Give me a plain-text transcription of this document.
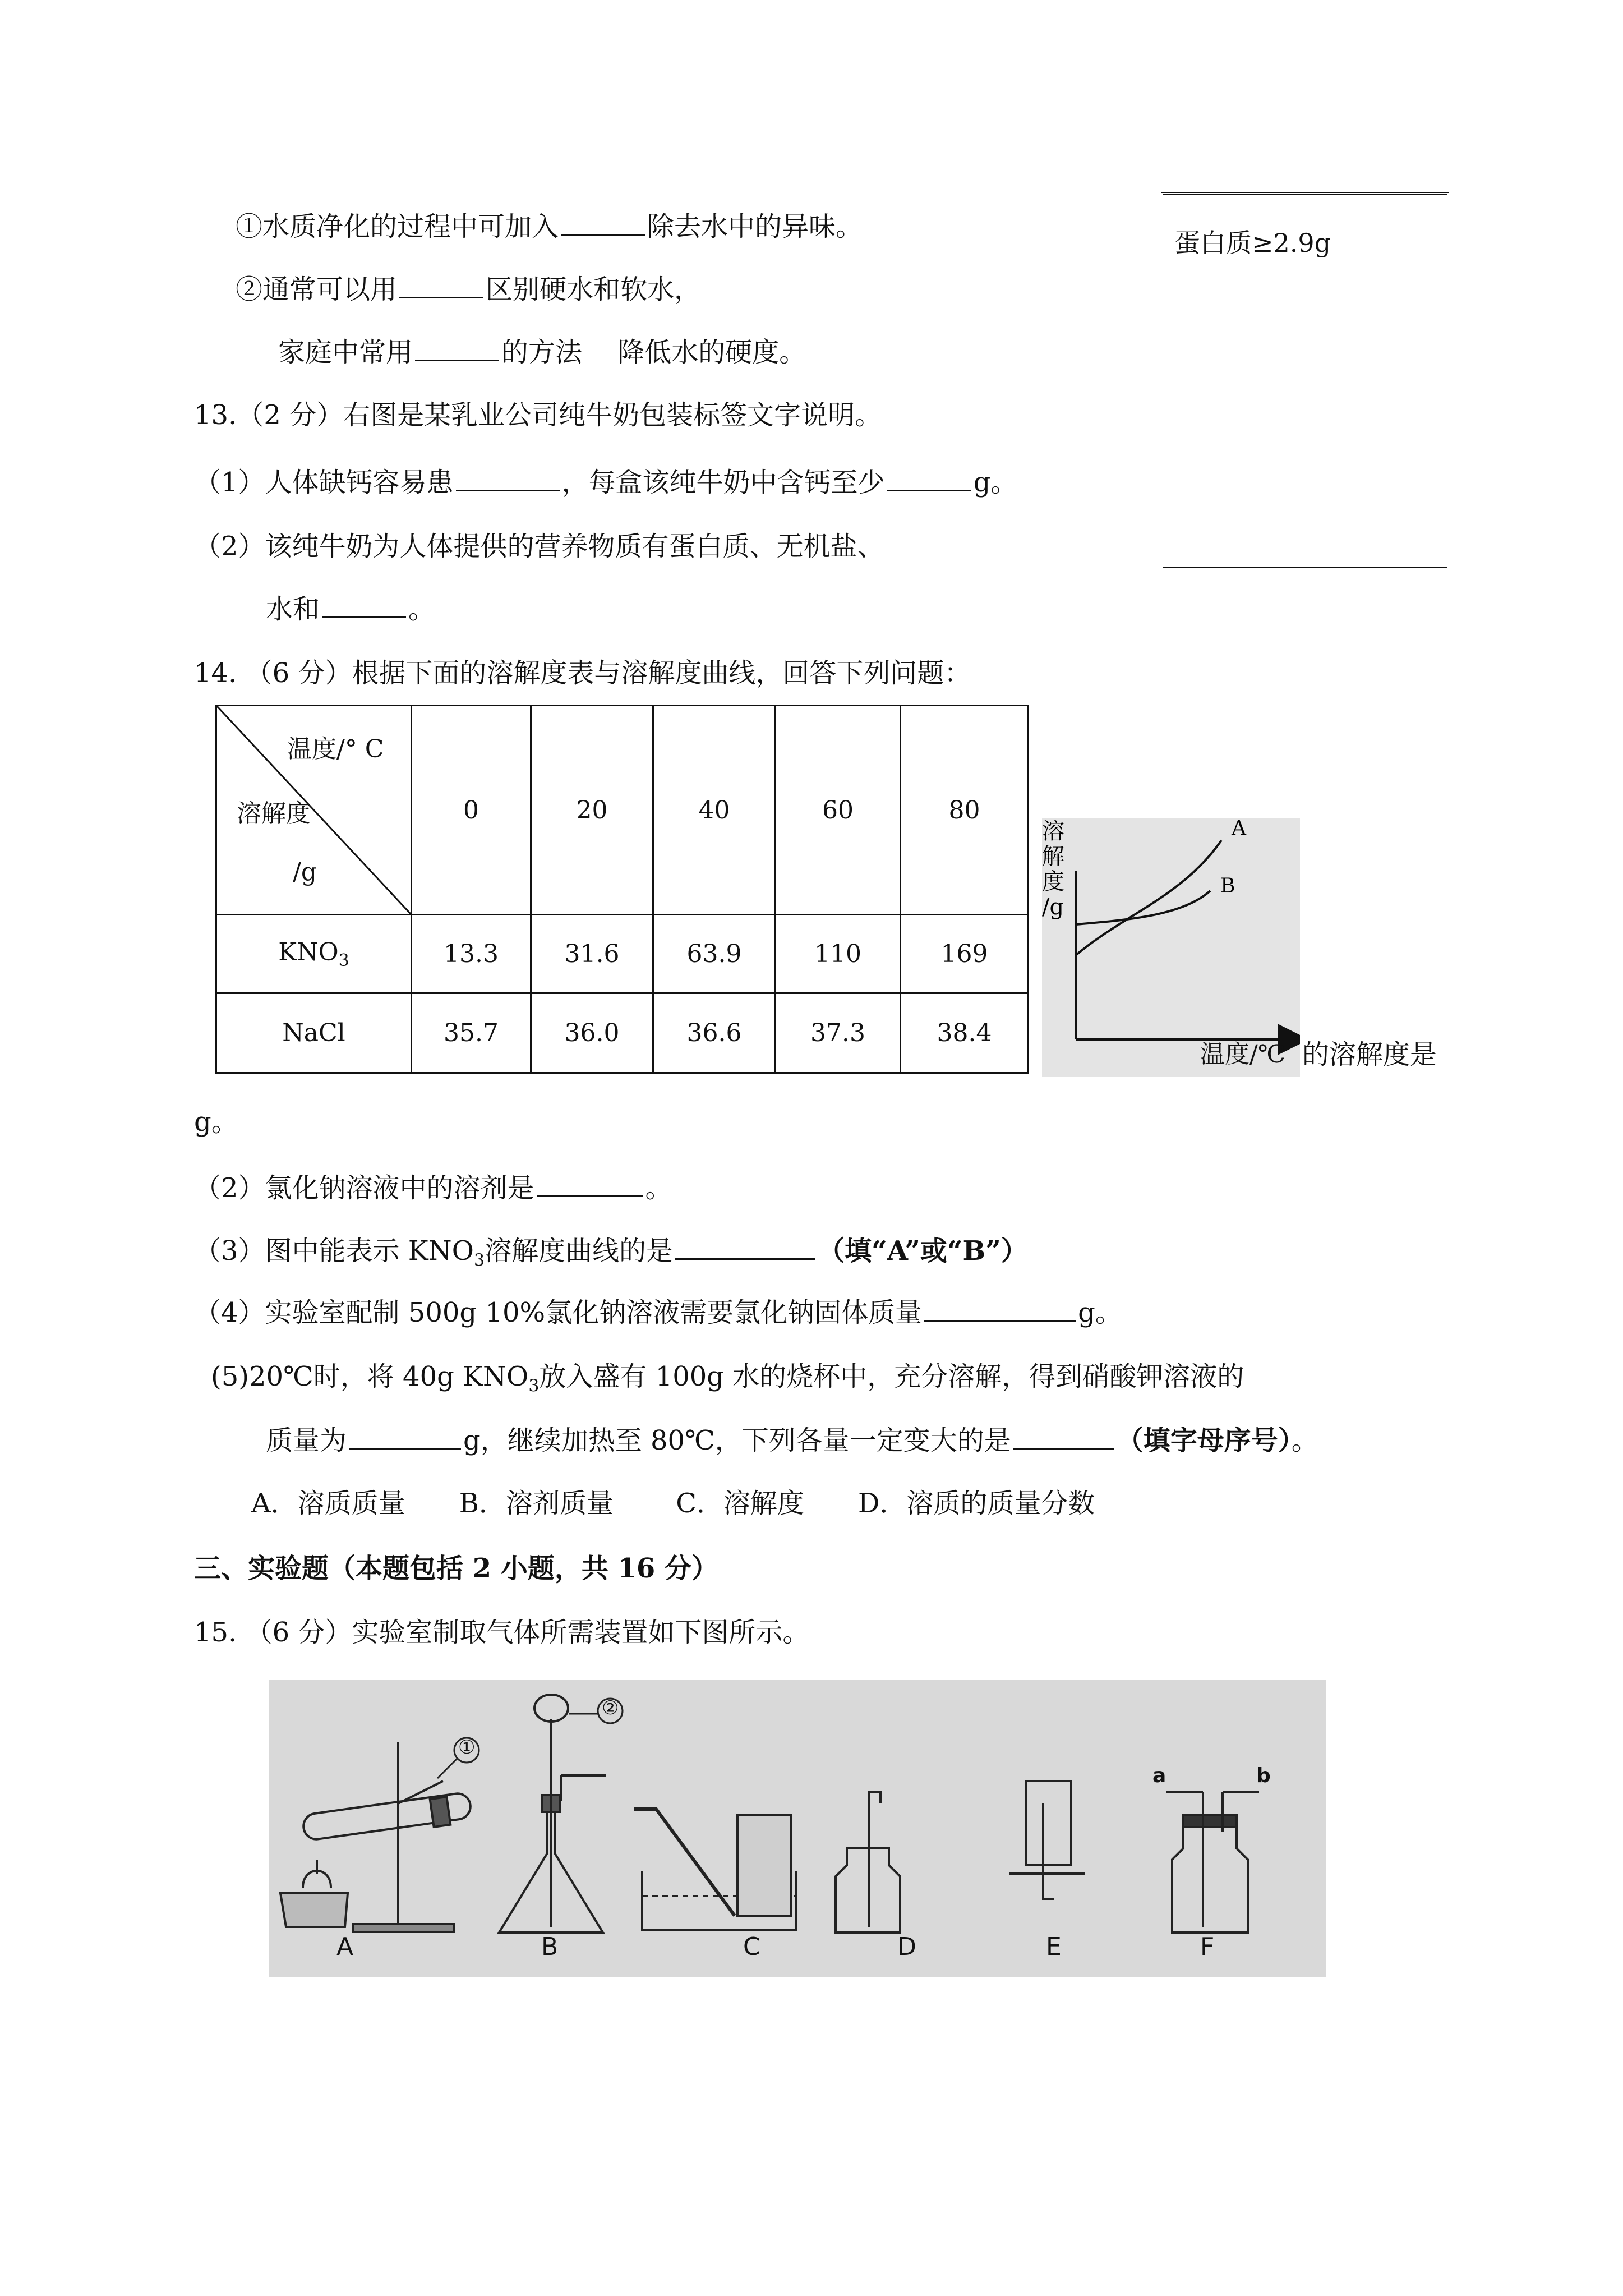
①水质净化的过程中可加入	除去水中的异味。
②通常可以用	区别硬水和软水，
家庭中常用	的方法　 降低水的硬度。
蛋白质≥2.9g
13.（2 分）右图是某乳业公司纯牛奶包装标签文字说明。
（1）人体缺钙容易患	，每盒该纯牛奶中含钙至少	g。
（2）该纯牛奶为人体提供的营养物质有蛋白质、无机盐、
水和	。
14. （6 分）根据下面的溶解度表与溶解度曲线，回答下列问题：
温度/° C
溶解度
/g	0	20	40	60	80
$KNO_3$	13.3	31.6	63.9	110	169
NaCl	35.7	36.0	36.6	37.3	38.4
A
B
溶
解
度
/g
温度/℃ 的溶解度是
g。
（2）氯化钠溶液中的溶剂是	。
（3）图中能表示 $KNO_3$溶解度曲线的是	（填“A”或“B”）
（4）实验室配制 500g 10%氯化钠溶液需要氯化钠固体质量	g。
(5)20℃时，将 40g $KNO_3$放入盛有 100g 水的烧杯中，充分溶解，得到硝酸钾溶液的
质量为	g，继续加热至 80℃，下列各量一定变大的是	（填字母序号）。
A．溶质质量　　B．溶剂质量　　 C．溶解度　　D．溶质的质量分数
三、实验题（本题包括 2 小题，共 16 分）
15. （6 分）实验室制取气体所需装置如下图所示。
A	B	C	D	E	F
①
②
a	b
